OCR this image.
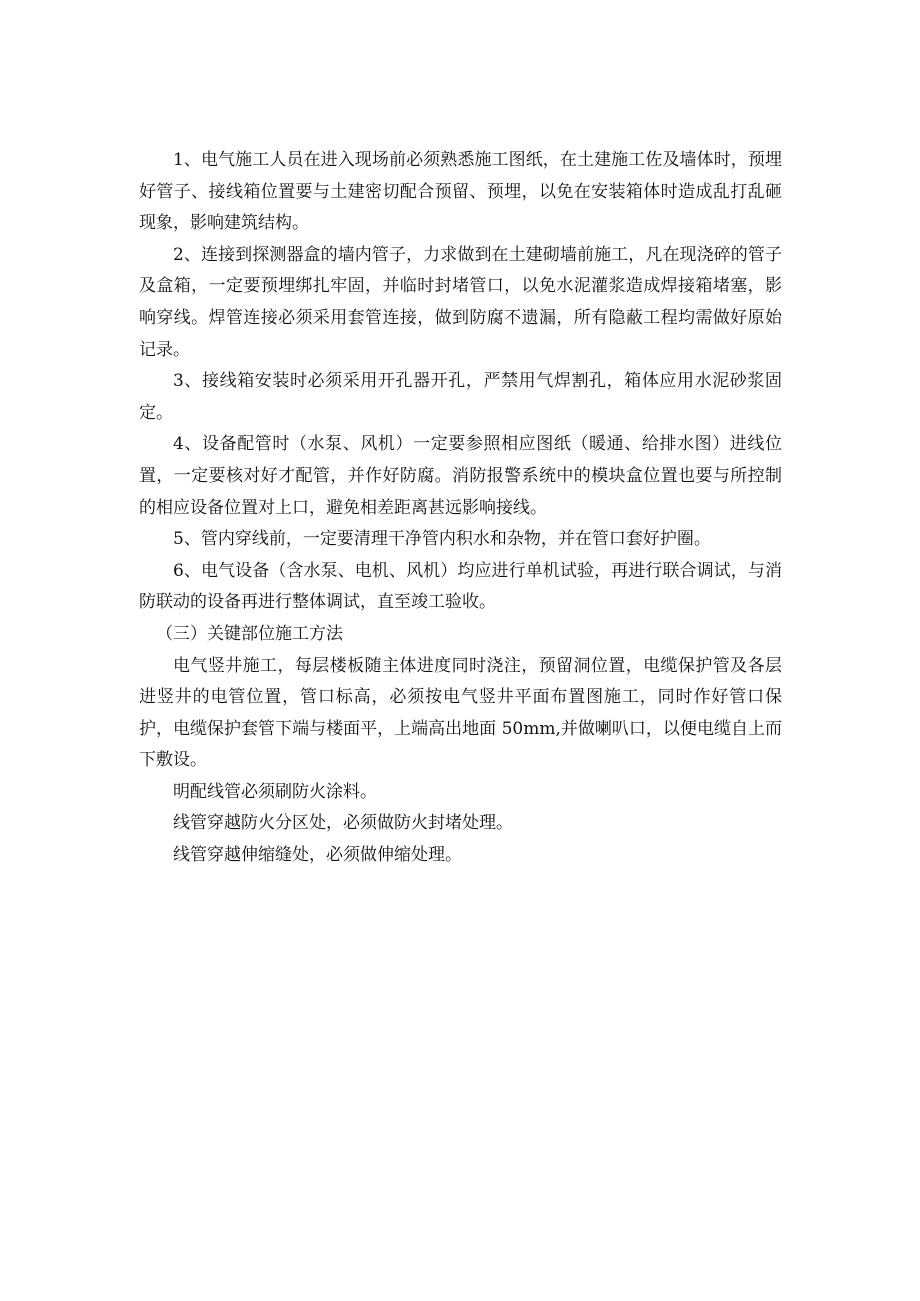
1、电气施工人员在进入现场前必须熟悉施工图纸，在土建施工佐及墙体时，预埋好管子、接线箱位置要与土建密切配合预留、预埋，以免在安装箱体时造成乱打乱砸现象，影响建筑结构。

2、连接到探测器盒的墙内管子，力求做到在土建砌墙前施工，凡在现浇碎的管子及盒箱，一定要预埋绑扎牢固，并临时封堵管口，以免水泥灌浆造成焊接箱堵塞，影响穿线。焊管连接必须采用套管连接，做到防腐不遗漏，所有隐蔽工程均需做好原始记录。

3、接线箱安装时必须采用开孔器开孔，严禁用气焊割孔，箱体应用水泥砂浆固定。

4、设备配管时（水泵、风机）一定要参照相应图纸（暖通、给排水图）进线位置，一定要核对好才配管，并作好防腐。消防报警系统中的模块盒位置也要与所控制的相应设备位置对上口，避免相差距离甚远影响接线。

5、管内穿线前，一定要清理干净管内积水和杂物，并在管口套好护圈。

6、电气设备（含水泵、电机、风机）均应进行单机试验，再进行联合调试，与消防联动的设备再进行整体调试，直至竣工验收。

（三）关键部位施工方法

电气竖井施工，每层楼板随主体进度同时浇注，预留洞位置，电缆保护管及各层进竖井的电管位置，管口标高，必须按电气竖井平面布置图施工，同时作好管口保护，电缆保护套管下端与楼面平，上端高出地面 50mm,并做喇叭口，以便电缆自上而下敷设。

明配线管必须刷防火涂料。

线管穿越防火分区处，必须做防火封堵处理。

线管穿越伸缩缝处，必须做伸缩处理。
